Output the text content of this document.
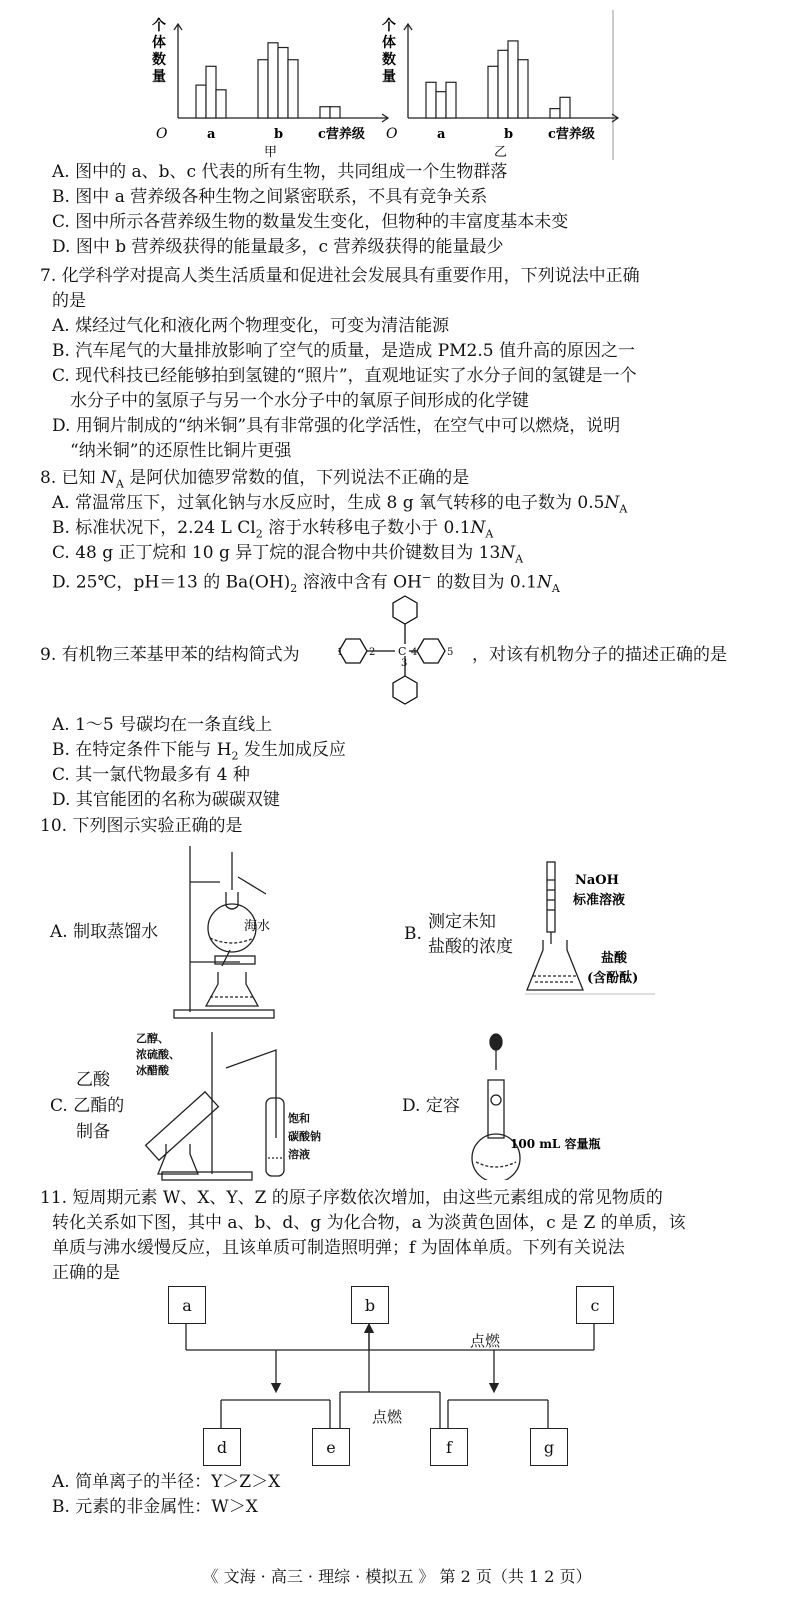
个
体
数
量
O	a	b	c营养级
甲
个
体
数
量
O	a	b	c营养级
乙
A. 图中的 a、b、c 代表的所有生物，共同组成一个生物群落
B. 图中 a 营养级各种生物之间紧密联系，不具有竞争关系
C. 图中所示各营养级生物的数量发生变化，但物种的丰富度基本未变
D. 图中 b 营养级获得的能量最多，c 营养级获得的能量最少
7. 化学科学对提高人类生活质量和促进社会发展具有重要作用，下列说法中正确
的是
A. 煤经过气化和液化两个物理变化，可变为清洁能源
B. 汽车尾气的大量排放影响了空气的质量，是造成 PM2.5 值升高的原因之一
C. 现代科技已经能够拍到氢键的“照片”，直观地证实了水分子间的氢键是一个
水分子中的氢原子与另一个水分子中的氧原子间形成的化学键
D. 用铜片制成的“纳米铜”具有非常强的化学活性，在空气中可以燃烧，说明
“纳米铜”的还原性比铜片更强
8. 已知 $N_A$ 是阿伏加德罗常数的值，下列说法不正确的是
A. 常温常压下，过氧化钠与水反应时，生成 8 g 氧气转移的电子数为 $0.5N_A$
B. 标准状况下，2.24 L $Cl_2$ 溶于水转移电子数小于 $0.1N_A$
C. 48 g 正丁烷和 10 g 异丁烷的混合物中共价键数目为 $13N_A$
D. 25℃，pH＝13 的 $Ba(OH)_2$ 溶液中含有 OH− 的数目为 $0.1N_A$
9. 有机物三苯基甲苯的结构简式为	1	2 C
3
4	5 ，对该有机物分子的描述正确的是
A. 1～5 号碳均在一条直线上
B. 在特定条件下能与 $H_2$ 发生加成反应
C. 其一氯代物最多有 4 种
D. 其官能团的名称为碳碳双键
10. 下列图示实验正确的是
A. 制取蒸馏水	海水	B.
测定未知
盐酸的浓度
NaOH
标准溶液
盐酸
(含酚酞)
乙酸
C. 乙酯的
制备
乙醇、
浓硫酸、
冰醋酸
饱和
碳酸钠
溶液
D. 定容
100 mL 容量瓶
11. 短周期元素 W、X、Y、Z 的原子序数依次增加，由这些元素组成的常见物质的
转化关系如下图，其中 a、b、d、g 为化合物，a 为淡黄色固体，c 是 Z 的单质，该
单质与沸水缓慢反应，且该单质可制造照明弹；f 为固体单质。下列有关说法
正确的是
点燃
点燃
a	b	c
d	e	f	g
A. 简单离子的半径：Y＞Z＞X
B. 元素的非金属性：W＞X
《 文海 · 高三 · 理综 · 模拟五 》 第 2 页（共 1 2 页）
